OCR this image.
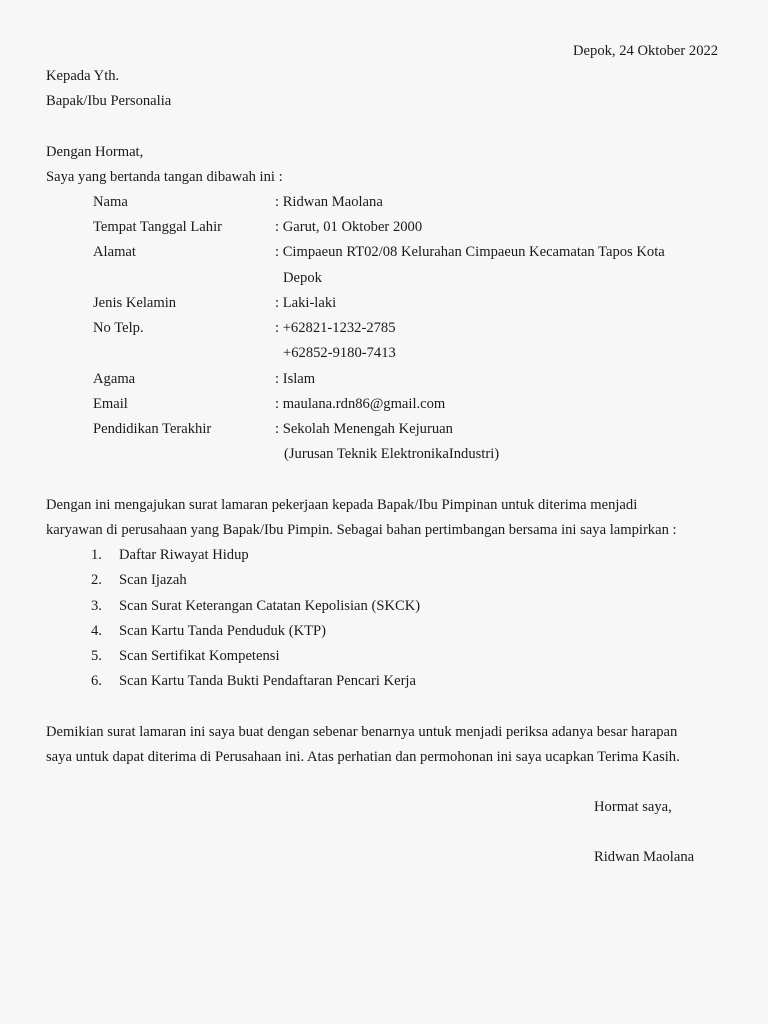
Depok, 24 Oktober 2022
Kepada Yth.
Bapak/Ibu Personalia
Dengan Hormat,
Saya yang bertanda tangan dibawah ini :
Nama	: Ridwan Maolana
Tempat Tanggal Lahir	: Garut, 01 Oktober 2000
Alamat	: Cimpaeun RT02/08 Kelurahan Cimpaeun Kecamatan Tapos Kota
Depok
Jenis Kelamin	: Laki-laki
No Telp.	: +62821-1232-2785
+62852-9180-7413
Agama	: Islam
Email	: maulana.rdn86@gmail.com
Pendidikan Terakhir	: Sekolah Menengah Kejuruan
(Jurusan Teknik ElektronikaIndustri)
Dengan ini mengajukan surat lamaran pekerjaan kepada Bapak/Ibu Pimpinan untuk diterima menjadi
karyawan di perusahaan yang Bapak/Ibu Pimpin. Sebagai bahan pertimbangan bersama ini saya lampirkan :
1. Daftar Riwayat Hidup
2. Scan Ijazah
3. Scan Surat Keterangan Catatan Kepolisian (SKCK)
4. Scan Kartu Tanda Penduduk (KTP)
5. Scan Sertifikat Kompetensi
6. Scan Kartu Tanda Bukti Pendaftaran Pencari Kerja
Demikian surat lamaran ini saya buat dengan sebenar benarnya untuk menjadi periksa adanya besar harapan
saya untuk dapat diterima di Perusahaan ini. Atas perhatian dan permohonan ini saya ucapkan Terima Kasih.
Hormat saya,
Ridwan Maolana
